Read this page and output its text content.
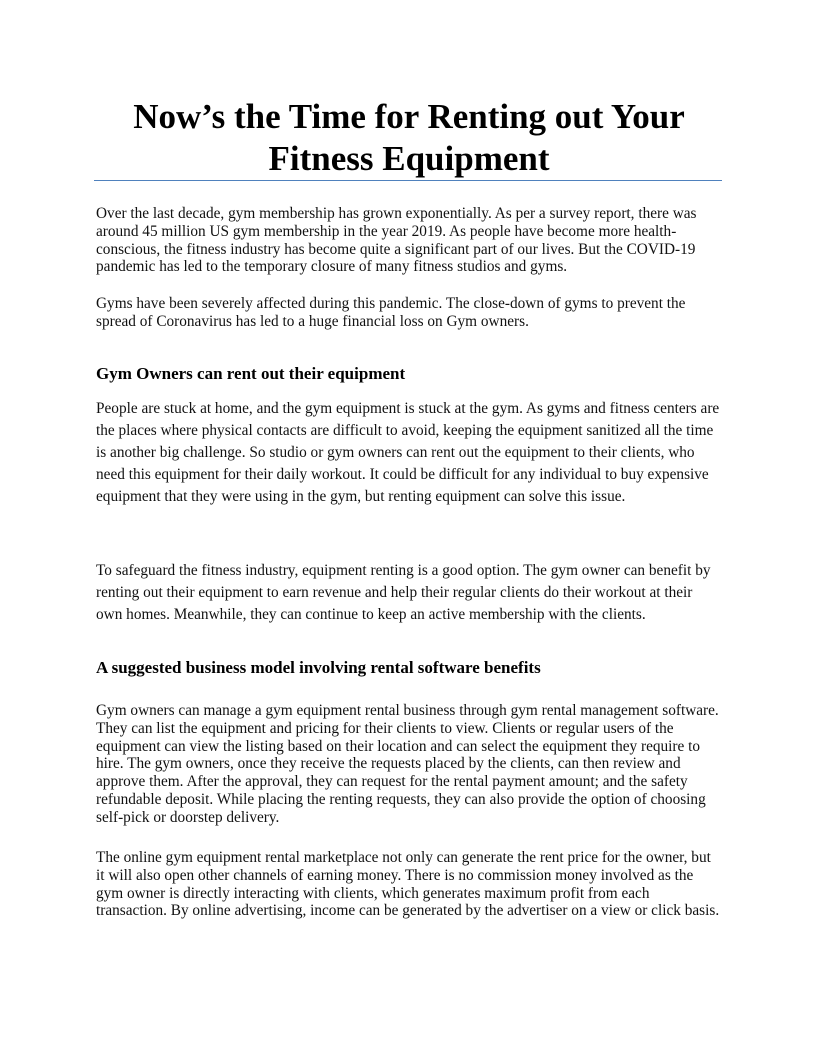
Now’s the Time for Renting out Your Fitness Equipment

Over the last decade, gym membership has grown exponentially. As per a survey report, there was around 45 million US gym membership in the year 2019. As people have become more health-conscious, the fitness industry has become quite a significant part of our lives. But the COVID-19 pandemic has led to the temporary closure of many fitness studios and gyms.

Gyms have been severely affected during this pandemic. The close-down of gyms to prevent the spread of Coronavirus has led to a huge financial loss on Gym owners.

Gym Owners can rent out their equipment

People are stuck at home, and the gym equipment is stuck at the gym. As gyms and fitness centers are the places where physical contacts are difficult to avoid, keeping the equipment sanitized all the time is another big challenge. So studio or gym owners can rent out the equipment to their clients, who need this equipment for their daily workout. It could be difficult for any individual to buy expensive equipment that they were using in the gym, but renting equipment can solve this issue.

To safeguard the fitness industry, equipment renting is a good option. The gym owner can benefit by renting out their equipment to earn revenue and help their regular clients do their workout at their own homes. Meanwhile, they can continue to keep an active membership with the clients.

A suggested business model involving rental software benefits

Gym owners can manage a gym equipment rental business through gym rental management software. They can list the equipment and pricing for their clients to view. Clients or regular users of the equipment can view the listing based on their location and can select the equipment they require to hire. The gym owners, once they receive the requests placed by the clients, can then review and approve them. After the approval, they can request for the rental payment amount; and the safety refundable deposit. While placing the renting requests, they can also provide the option of choosing self-pick or doorstep delivery.

The online gym equipment rental marketplace not only can generate the rent price for the owner, but it will also open other channels of earning money. There is no commission money involved as the gym owner is directly interacting with clients, which generates maximum profit from each transaction. By online advertising, income can be generated by the advertiser on a view or click basis.
